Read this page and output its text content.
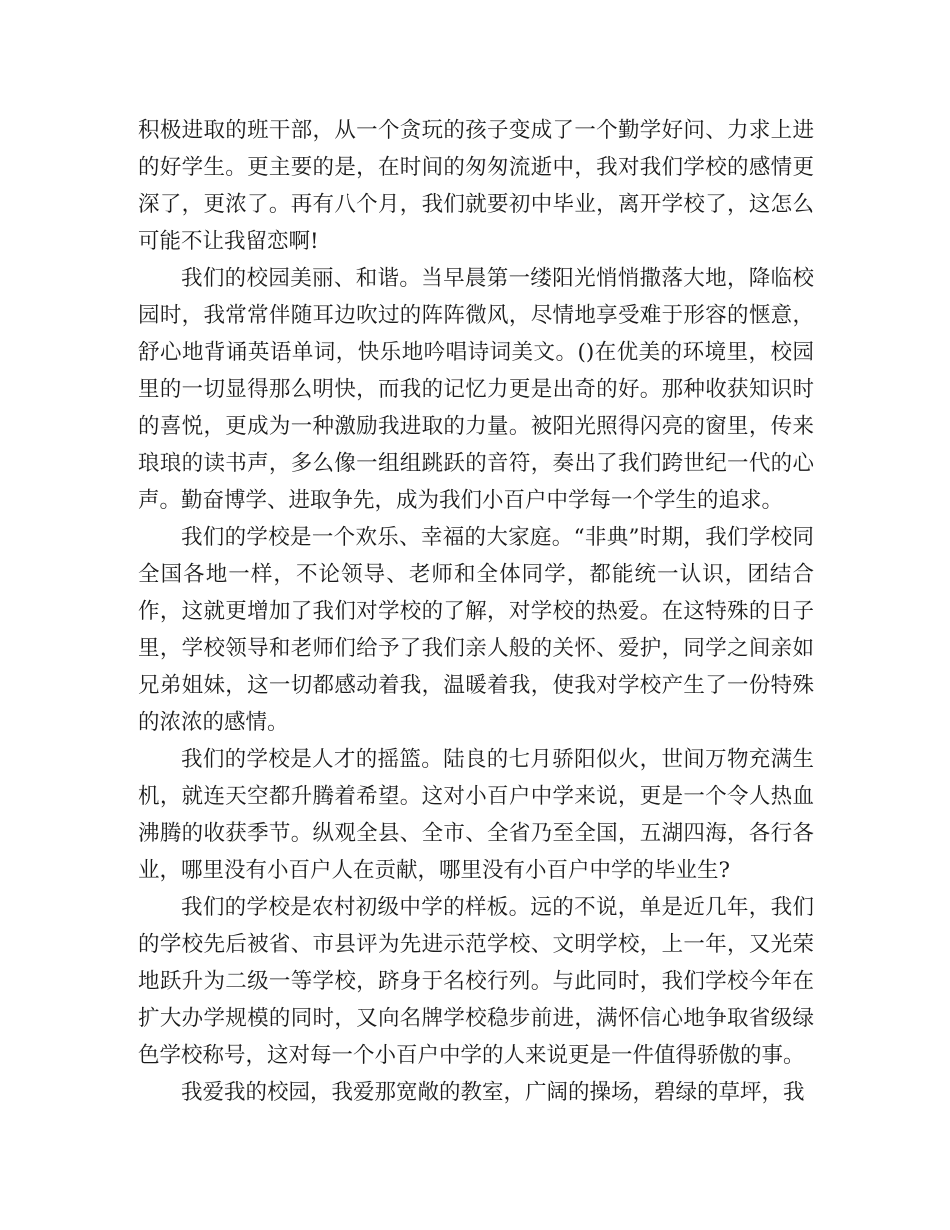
积极进取的班干部，从一个贪玩的孩子变成了一个勤学好问、力求上进的好学生。更主要的是，在时间的匆匆流逝中，我对我们学校的感情更深了，更浓了。再有八个月，我们就要初中毕业，离开学校了，这怎么可能不让我留恋啊!

我们的校园美丽、和谐。当早晨第一缕阳光悄悄撒落大地，降临校园时，我常常伴随耳边吹过的阵阵微风，尽情地享受难于形容的惬意，舒心地背诵英语单词，快乐地吟唱诗词美文。()在优美的环境里，校园里的一切显得那么明快，而我的记忆力更是出奇的好。那种收获知识时的喜悦，更成为一种激励我进取的力量。被阳光照得闪亮的窗里，传来琅琅的读书声，多么像一组组跳跃的音符，奏出了我们跨世纪一代的心声。勤奋博学、进取争先，成为我们小百户中学每一个学生的追求。

我们的学校是一个欢乐、幸福的大家庭。“非典”时期，我们学校同全国各地一样，不论领导、老师和全体同学，都能统一认识，团结合作，这就更增加了我们对学校的了解，对学校的热爱。在这特殊的日子里，学校领导和老师们给予了我们亲人般的关怀、爱护，同学之间亲如兄弟姐妹，这一切都感动着我，温暖着我，使我对学校产生了一份特殊的浓浓的感情。

我们的学校是人才的摇篮。陆良的七月骄阳似火，世间万物充满生机，就连天空都升腾着希望。这对小百户中学来说，更是一个令人热血沸腾的收获季节。纵观全县、全市、全省乃至全国，五湖四海，各行各业，哪里没有小百户人在贡献，哪里没有小百户中学的毕业生?

我们的学校是农村初级中学的样板。远的不说，单是近几年，我们的学校先后被省、市县评为先进示范学校、文明学校，上一年，又光荣地跃升为二级一等学校，跻身于名校行列。与此同时，我们学校今年在扩大办学规模的同时，又向名牌学校稳步前进，满怀信心地争取省级绿色学校称号，这对每一个小百户中学的人来说更是一件值得骄傲的事。

我爱我的校园，我爱那宽敞的教室，广阔的操场，碧绿的草坪，我
